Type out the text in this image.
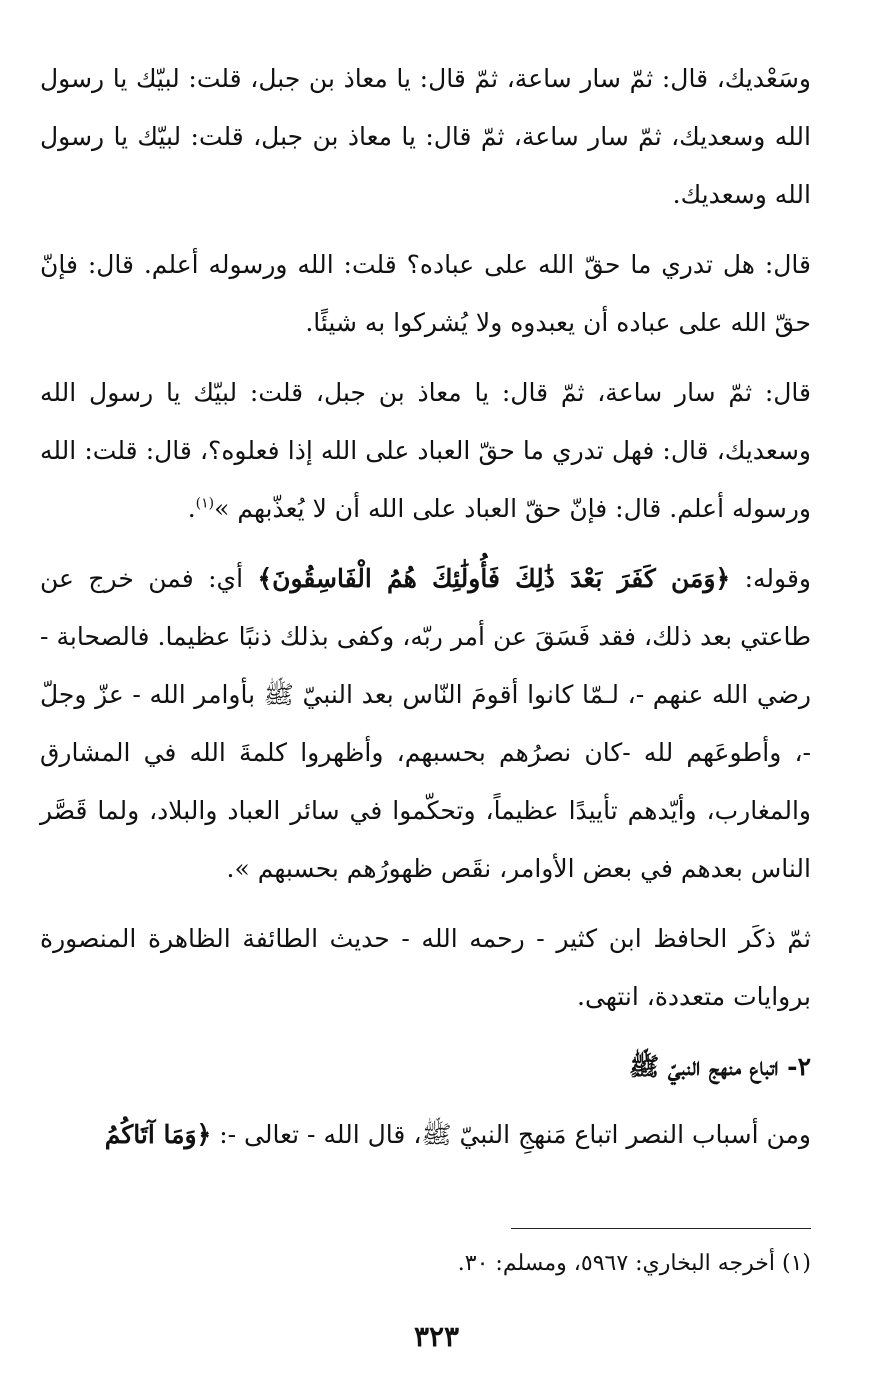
وسَعْديك، قال: ثمّ سار ساعة، ثمّ قال: يا معاذ بن جبل، قلت: لبيّك يا رسول الله وسعديك، ثمّ سار ساعة، ثمّ قال: يا معاذ بن جبل، قلت: لبيّك يا رسول الله وسعديك.

قال: هل تدري ما حقّ الله على عباده؟ قلت: الله ورسوله أعلم. قال: فإنّ حقّ الله على عباده أن يعبدوه ولا يُشركوا به شيئًا.

قال: ثمّ سار ساعة، ثمّ قال: يا معاذ بن جبل، قلت: لبيّك يا رسول الله وسعديك، قال: فهل تدري ما حقّ العباد على الله إذا فعلوه؟، قال: قلت: الله ورسوله أعلم. قال: فإنّ حقّ العباد على الله أن لا يُعذّبهم »$^{(١)}$.

وقوله: ﴿وَمَن كَفَرَ بَعْدَ ذَٰلِكَ فَأُولَٰئِكَ هُمُ الْفَاسِقُونَ﴾ أي: فمن خرج عن طاعتي بعد ذلك، فقد فَسَقَ عن أمر ربّه، وكفى بذلك ذنبًا عظيما. فالصحابة - رضي الله عنهم -، لـمّا كانوا أقومَ النّاس بعد النبيّ ﷺ بأوامر الله - عزّ وجلّ -، وأطوعَهم لله -كان نصرُهم بحسبهم، وأظهروا كلمةَ الله في المشارق والمغارب، وأيّدهم تأييدًا عظيماً، وتحكّموا في سائر العباد والبلاد، ولما قَصَّر الناس بعدهم في بعض الأوامر، نقَص ظهورُهم بحسبهم ».

ثمّ ذكَر الحافظ ابن كثير - رحمه الله - حديث الطائفة الظاهرة المنصورة بروايات متعددة، انتهى.

٢- اتباع منهج النبيّ ﷺ

ومن أسباب النصر اتباع مَنهجِ النبيّ ﷺ، قال الله - تعالى -: ﴿وَمَا آتَاكُمُ

(١) أخرجه البخاري: ٥٩٦٧، ومسلم: ٣٠.
٣٢٣
